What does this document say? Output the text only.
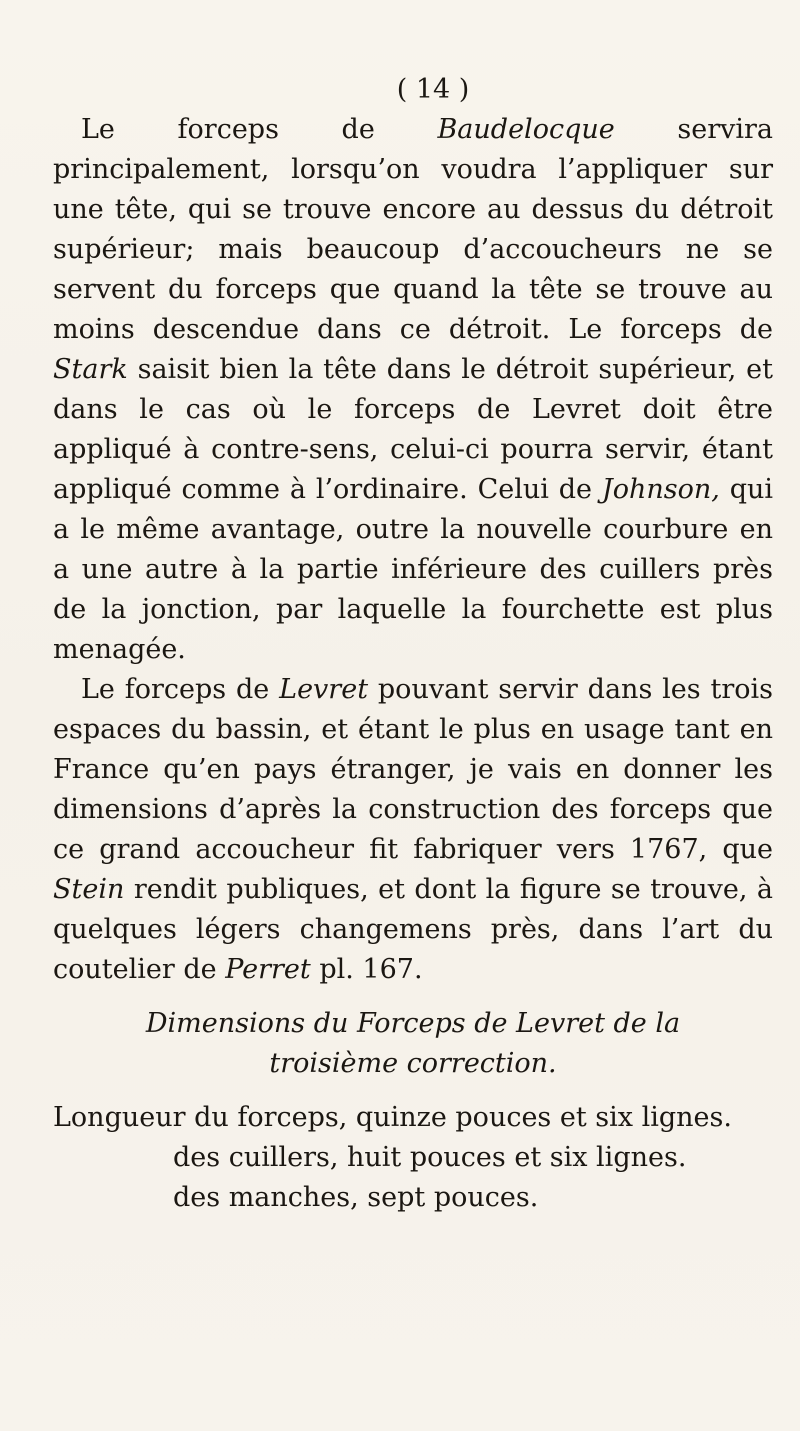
( 14 )

Le forceps de Baudelocque servira principalement, lorsqu’on voudra l’appliquer sur une tête, qui se trouve encore au dessus du détroit supérieur; mais beaucoup d’accoucheurs ne se servent du forceps que quand la tête se trouve au moins descendue dans ce détroit. Le forceps de Stark saisit bien la tête dans le détroit supérieur, et dans le cas où le forceps de Levret doit être appliqué à contre-sens, celui-ci pourra servir, étant appliqué comme à l’ordinaire. Celui de Johnson, qui a le même avantage, outre la nouvelle courbure en a une autre à la partie inférieure des cuillers près de la jonction, par laquelle la fourchette est plus menagée.

Le forceps de Levret pouvant servir dans les trois espaces du bassin, et étant le plus en usage tant en France qu’en pays étranger, je vais en donner les dimensions d’après la construction des forceps que ce grand accoucheur fit fabriquer vers 1767, que Stein rendit publiques, et dont la figure se trouve, à quelques légers changemens près, dans l’art du coutelier de Perret pl. 167.

Dimensions du Forceps de Levret de la
troisième correction.
Longueur du forceps, quinze pouces et six lignes.
des cuillers, huit pouces et six lignes.
des manches, sept pouces.
